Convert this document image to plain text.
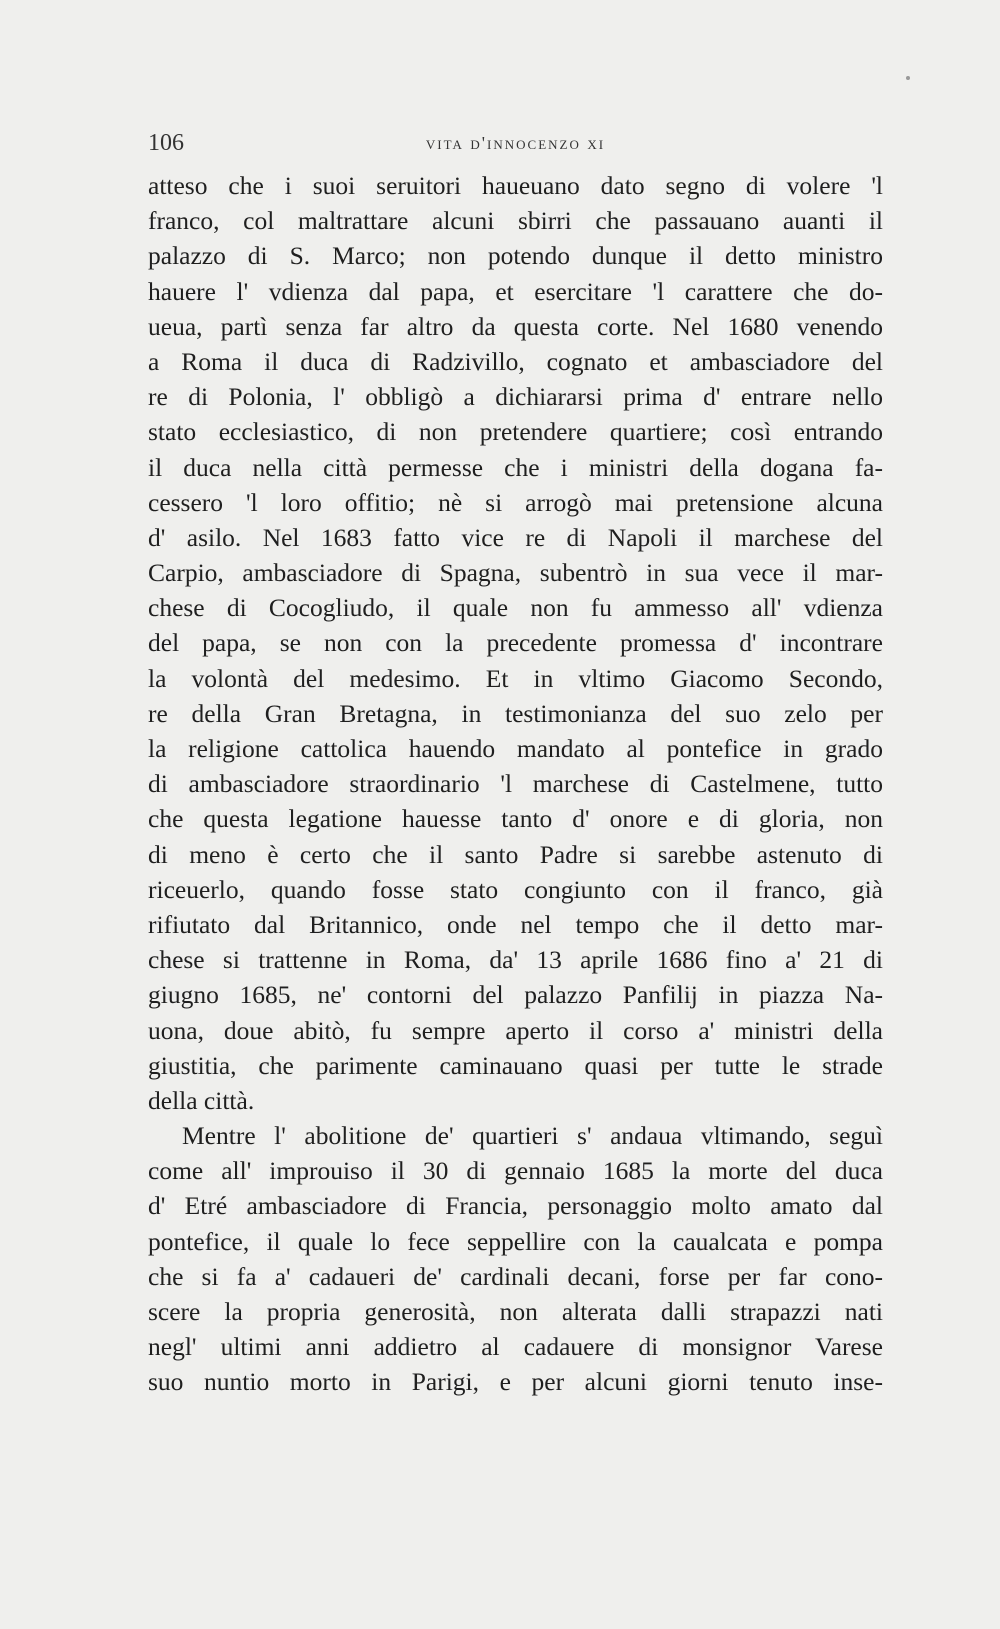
106	vita d'innocenzo xi
atteso che i suoi seruitori haueuano dato segno di volere 'l
franco, col maltrattare alcuni sbirri che passauano auanti il
palazzo di S. Marco; non potendo dunque il detto ministro
hauere l' vdienza dal papa, et esercitare 'l carattere che do-
ueua, partì senza far altro da questa corte. Nel 1680 venendo
a Roma il duca di Radzivillo, cognato et ambasciadore del
re di Polonia, l' obbligò a dichiararsi prima d' entrare nello
stato ecclesiastico, di non pretendere quartiere; così entrando
il duca nella città permesse che i ministri della dogana fa-
cessero 'l loro offitio; nè si arrogò mai pretensione alcuna
d' asilo. Nel 1683 fatto vice re di Napoli il marchese del
Carpio, ambasciadore di Spagna, subentrò in sua vece il mar-
chese di Cocogliudo, il quale non fu ammesso all' vdienza
del papa, se non con la precedente promessa d' incontrare
la volontà del medesimo. Et in vltimo Giacomo Secondo,
re della Gran Bretagna, in testimonianza del suo zelo per
la religione cattolica hauendo mandato al pontefice in grado
di ambasciadore straordinario 'l marchese di Castelmene, tutto
che questa legatione hauesse tanto d' onore e di gloria, non
di meno è certo che il santo Padre si sarebbe astenuto di
riceuerlo, quando fosse stato congiunto con il franco, già
rifiutato dal Britannico, onde nel tempo che il detto mar-
chese si trattenne in Roma, da' 13 aprile 1686 fino a' 21 di
giugno 1685, ne' contorni del palazzo Panfilij in piazza Na-
uona, doue abitò, fu sempre aperto il corso a' ministri della
giustitia, che parimente caminauano quasi per tutte le strade
della città.
Mentre l' abolitione de' quartieri s' andaua vltimando, seguì
come all' improuiso il 30 di gennaio 1685 la morte del duca
d' Etré ambasciadore di Francia, personaggio molto amato dal
pontefice, il quale lo fece seppellire con la caualcata e pompa
che si fa a' cadaueri de' cardinali decani, forse per far cono-
scere la propria generosità, non alterata dalli strapazzi nati
negl' ultimi anni addietro al cadauere di monsignor Varese
suo nuntio morto in Parigi, e per alcuni giorni tenuto inse-
